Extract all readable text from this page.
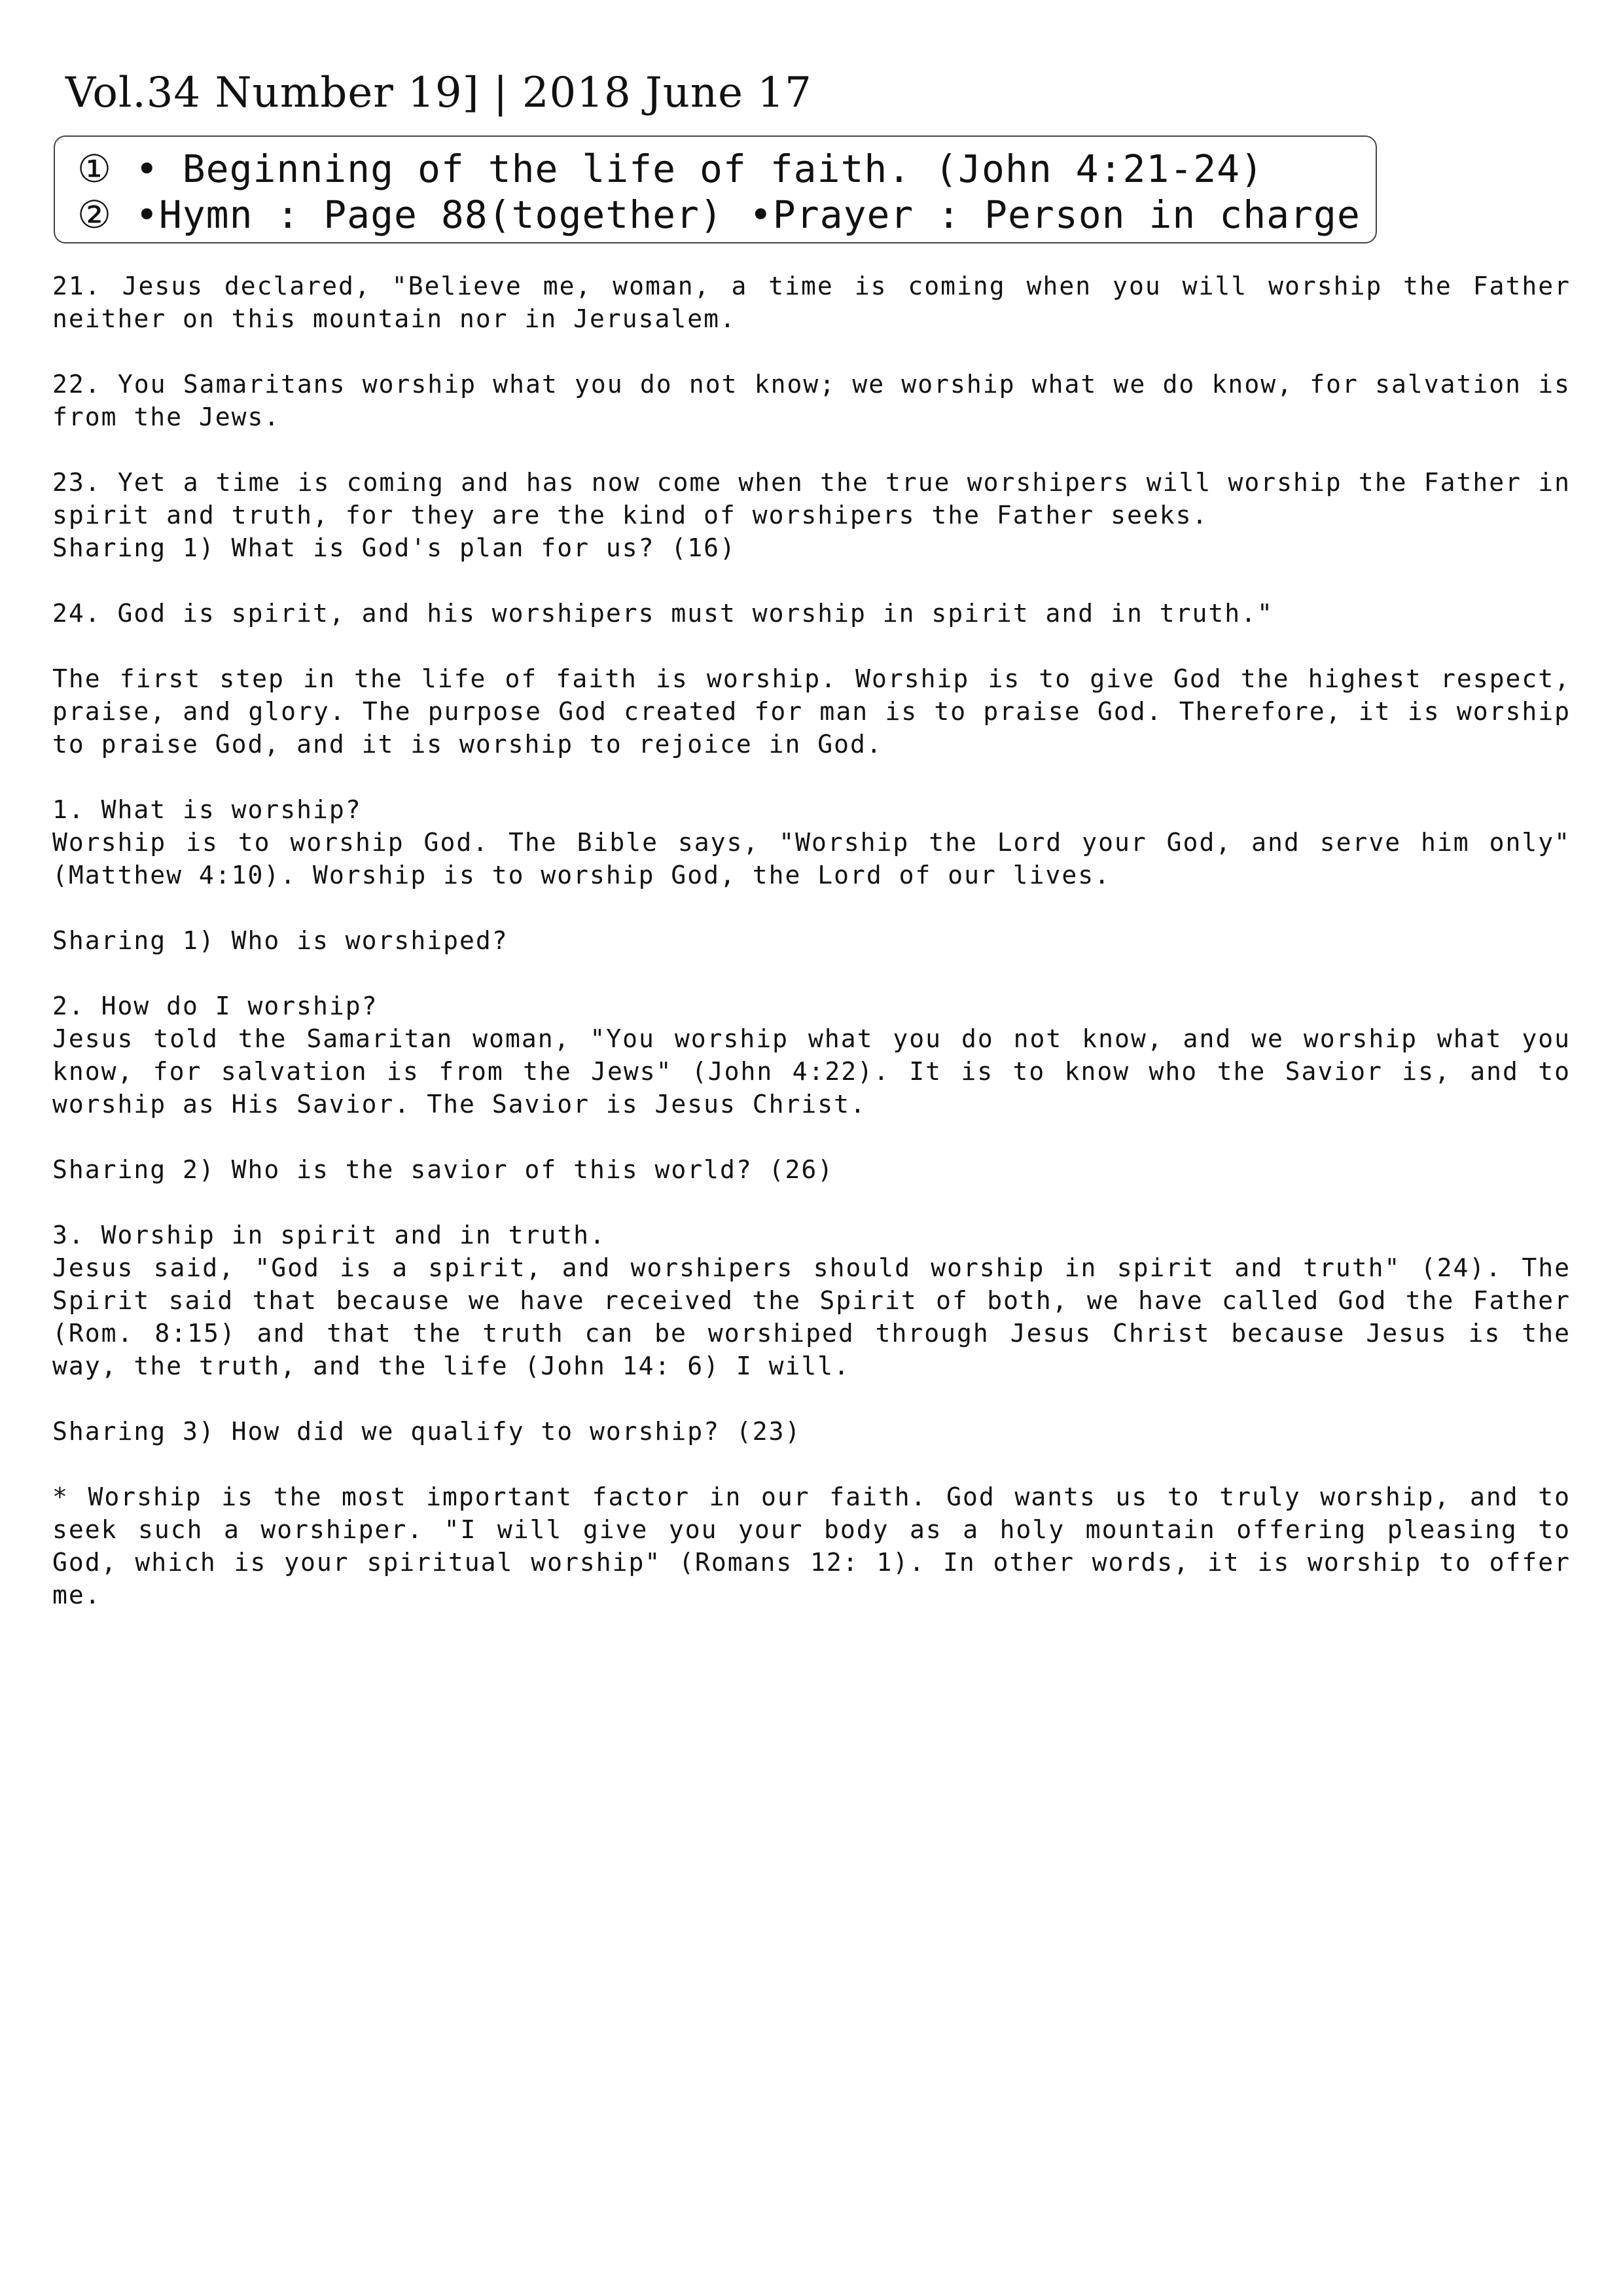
Vol.34 Number 19] | 2018 June 17
① • Beginning of the life of faith. (John 4:21-24)
② •Hymn : Page 88(together) •Prayer : Person in charge

21. Jesus declared, "Believe me, woman, a time is coming when you will worship the Father neither on this mountain nor in Jerusalem.

22. You Samaritans worship what you do not know; we worship what we do know, for salvation is from the Jews.

23. Yet a time is coming and has now come when the true worshipers will worship the Father in spirit and truth, for they are the kind of worshipers the Father seeks.
Sharing 1) What is God's plan for us? (16)

24. God is spirit, and his worshipers must worship in spirit and in truth."

The first step in the life of faith is worship. Worship is to give God the highest respect, praise, and glory. The purpose God created for man is to praise God. Therefore, it is worship to praise God, and it is worship to rejoice in God.

1. What is worship?
Worship is to worship God. The Bible says, "Worship the Lord your God, and serve him only" (Matthew 4:10). Worship is to worship God, the Lord of our lives.

Sharing 1) Who is worshiped?

2. How do I worship?
Jesus told the Samaritan woman, "You worship what you do not know, and we worship what you know, for salvation is from the Jews" (John 4:22). It is to know who the Savior is, and to worship as His Savior. The Savior is Jesus Christ.

Sharing 2) Who is the savior of this world? (26)

3. Worship in spirit and in truth.
Jesus said, "God is a spirit, and worshipers should worship in spirit and truth" (24). The Spirit said that because we have received the Spirit of both, we have called God the Father (Rom. 8:15) and that the truth can be worshiped through Jesus Christ because Jesus is the way, the truth, and the life (John 14: 6) I will.

Sharing 3) How did we qualify to worship? (23)

* Worship is the most important factor in our faith. God wants us to truly worship, and to seek such a worshiper. "I will give you your body as a holy mountain offering pleasing to God, which is your spiritual worship" (Romans 12: 1). In other words, it is worship to offer me.
